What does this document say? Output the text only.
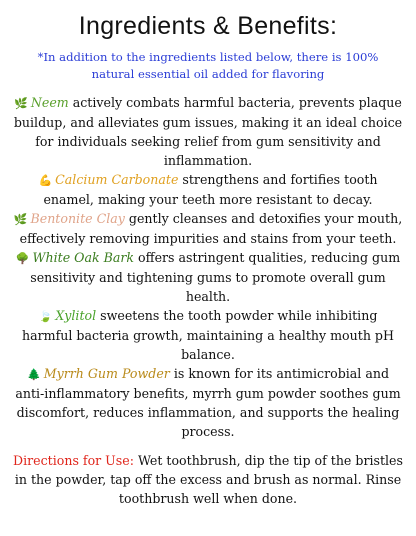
Ingredients & Benefits:

*In addition to the ingredients listed below, there is 100% natural essential oil added for flavoring

🌿 Neem actively combats harmful bacteria, prevents plaque buildup, and alleviates gum issues, making it an ideal choice for individuals seeking relief from gum sensitivity and inflammation.

💪 Calcium Carbonate strengthens and fortifies tooth enamel, making your teeth more resistant to decay.

🌿 Bentonite Clay gently cleanses and detoxifies your mouth, effectively removing impurities and stains from your teeth.

🌳 White Oak Bark offers astringent qualities, reducing gum sensitivity and tightening gums to promote overall gum health.

🍃 Xylitol sweetens the tooth powder while inhibiting harmful bacteria growth, maintaining a healthy mouth pH balance.

🌲 Myrrh Gum Powder is known for its antimicrobial and anti-inflammatory benefits, myrrh gum powder soothes gum discomfort, reduces inflammation, and supports the healing process.

Directions for Use: Wet toothbrush, dip the tip of the bristles in the powder, tap off the excess and brush as normal. Rinse toothbrush well when done.
